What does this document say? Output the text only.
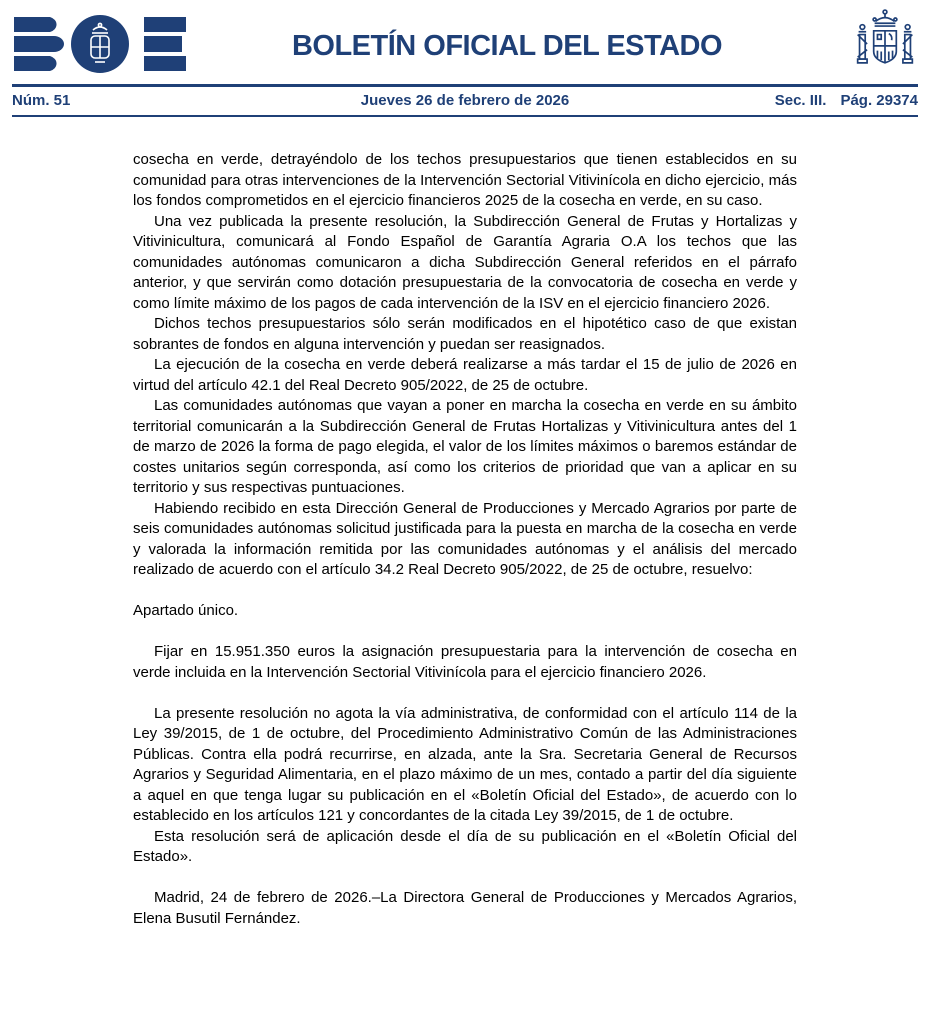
BOLETÍN OFICIAL DEL ESTADO
Núm. 51	Jueves 26 de febrero de 2026	Sec. III. Pág. 29374

cosecha en verde, detrayéndolo de los techos presupuestarios que tienen establecidos en su comunidad para otras intervenciones de la Intervención Sectorial Vitivinícola en dicho ejercicio, más los fondos comprometidos en el ejercicio financieros 2025 de la cosecha en verde, en su caso.

Una vez publicada la presente resolución, la Subdirección General de Frutas y Hortalizas y Vitivinicultura, comunicará al Fondo Español de Garantía Agraria O.A los techos que las comunidades autónomas comunicaron a dicha Subdirección General referidos en el párrafo anterior, y que servirán como dotación presupuestaria de la convocatoria de cosecha en verde y como límite máximo de los pagos de cada intervención de la ISV en el ejercicio financiero 2026.

Dichos techos presupuestarios sólo serán modificados en el hipotético caso de que existan sobrantes de fondos en alguna intervención y puedan ser reasignados.

La ejecución de la cosecha en verde deberá realizarse a más tardar el 15 de julio de 2026 en virtud del artículo 42.1 del Real Decreto 905/2022, de 25 de octubre.

Las comunidades autónomas que vayan a poner en marcha la cosecha en verde en su ámbito territorial comunicarán a la Subdirección General de Frutas Hortalizas y Vitivinicultura antes del 1 de marzo de 2026 la forma de pago elegida, el valor de los límites máximos o baremos estándar de costes unitarios según corresponda, así como los criterios de prioridad que van a aplicar en su territorio y sus respectivas puntuaciones.

Habiendo recibido en esta Dirección General de Producciones y Mercado Agrarios por parte de seis comunidades autónomas solicitud justificada para la puesta en marcha de la cosecha en verde y valorada la información remitida por las comunidades autónomas y el análisis del mercado realizado de acuerdo con el artículo 34.2 Real Decreto 905/2022, de 25 de octubre, resuelvo:

Apartado único.

Fijar en 15.951.350 euros la asignación presupuestaria para la intervención de cosecha en verde incluida en la Intervención Sectorial Vitivinícola para el ejercicio financiero 2026.

La presente resolución no agota la vía administrativa, de conformidad con el artículo 114 de la Ley 39/2015, de 1 de octubre, del Procedimiento Administrativo Común de las Administraciones Públicas. Contra ella podrá recurrirse, en alzada, ante la Sra. Secretaria General de Recursos Agrarios y Seguridad Alimentaria, en el plazo máximo de un mes, contado a partir del día siguiente a aquel en que tenga lugar su publicación en el «Boletín Oficial del Estado», de acuerdo con lo establecido en los artículos 121 y concordantes de la citada Ley 39/2015, de 1 de octubre.

Esta resolución será de aplicación desde el día de su publicación en el «Boletín Oficial del Estado».

Madrid, 24 de febrero de 2026.–La Directora General de Producciones y Mercados Agrarios, Elena Busutil Fernández.
